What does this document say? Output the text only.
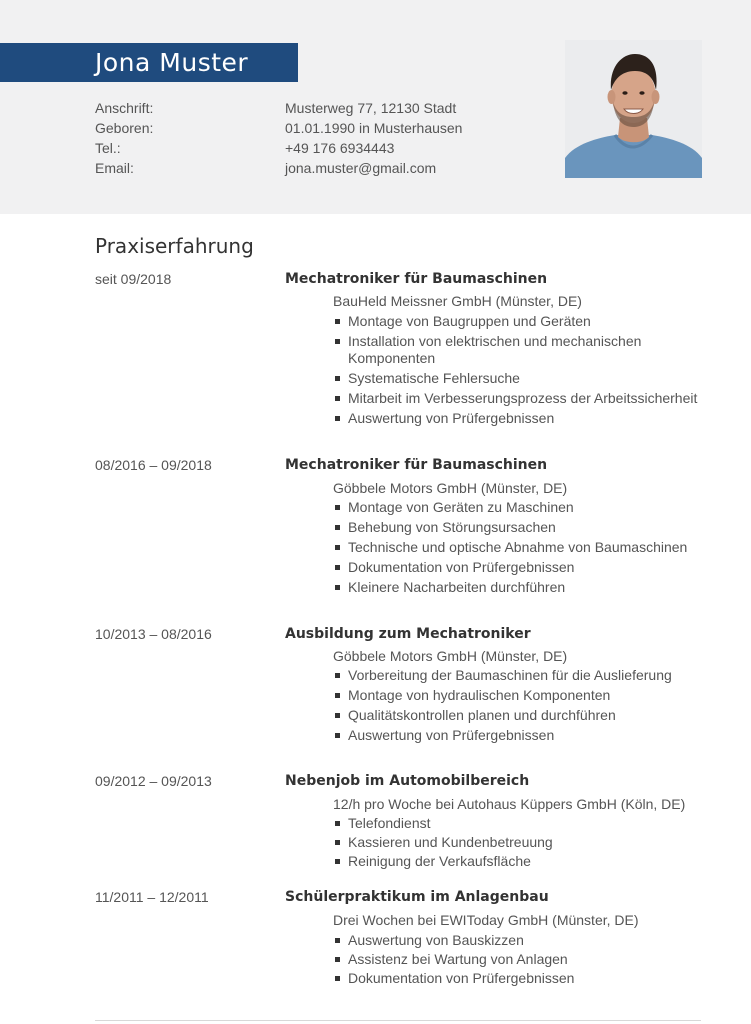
Jona Muster
Anschrift:	Musterweg 77, 12130 Stadt
Geboren:	01.01.1990 in Musterhausen
Tel.:	+49 176 6934443
Email:	jona.muster@gmail.com
Praxiserfahrung
seit 09/2018	Mechatroniker für Baumaschinen
BauHeld Meissner GmbH (Münster, DE)
Montage von Baugruppen und Geräten
Installation von elektrischen und mechanischen Komponenten
Systematische Fehlersuche
Mitarbeit im Verbesserungsprozess der Arbeitssicherheit
Auswertung von Prüfergebnissen
08/2016 – 09/2018	Mechatroniker für Baumaschinen
Göbbele Motors GmbH (Münster, DE)
Montage von Geräten zu Maschinen
Behebung von Störungsursachen
Technische und optische Abnahme von Baumaschinen
Dokumentation von Prüfergebnissen
Kleinere Nacharbeiten durchführen
10/2013 – 08/2016	Ausbildung zum Mechatroniker
Göbbele Motors GmbH (Münster, DE)
Vorbereitung der Baumaschinen für die Auslieferung
Montage von hydraulischen Komponenten
Qualitätskontrollen planen und durchführen
Auswertung von Prüfergebnissen
09/2012 – 09/2013	Nebenjob im Automobilbereich
12/h pro Woche bei Autohaus Küppers GmbH (Köln, DE)
Telefondienst
Kassieren und Kundenbetreuung
Reinigung der Verkaufsfläche
11/2011 – 12/2011	Schülerpraktikum im Anlagenbau
Drei Wochen bei EWIToday GmbH (Münster, DE)
Auswertung von Bauskizzen
Assistenz bei Wartung von Anlagen
Dokumentation von Prüfergebnissen
